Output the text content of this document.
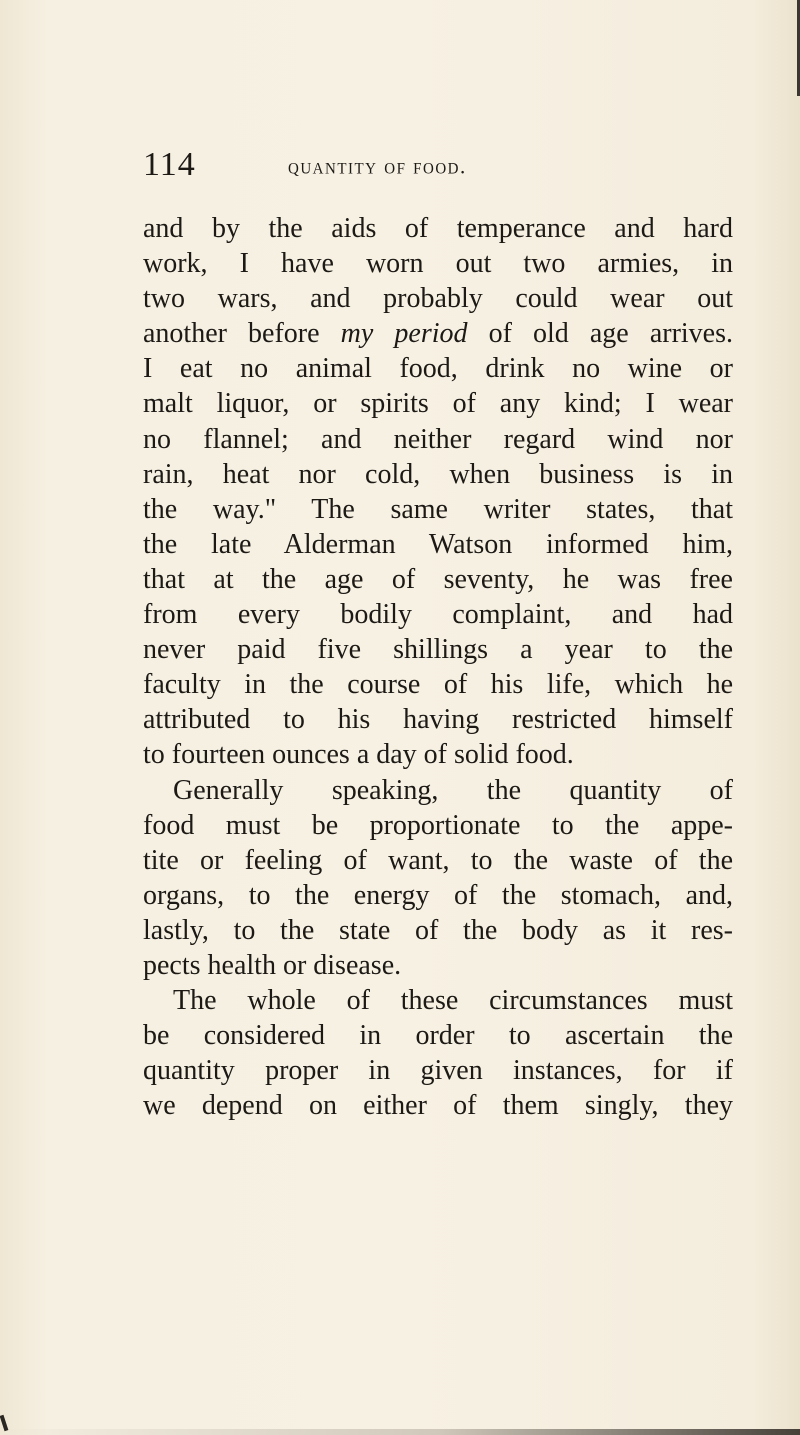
114	quantity of food.
and by the aids of temperance and hard
work, I have worn out two armies, in
two wars, and probably could wear out
another before my period of old age arrives.
I eat no animal food, drink no wine or
malt liquor, or spirits of any kind; I wear
no flannel; and neither regard wind nor
rain, heat nor cold, when business is in
the way." The same writer states, that
the late Alderman Watson informed him,
that at the age of seventy, he was free
from every bodily complaint, and had
never paid five shillings a year to the
faculty in the course of his life, which he
attributed to his having restricted himself
to fourteen ounces a day of solid food.
Generally speaking, the quantity of
food must be proportionate to the appe-
tite or feeling of want, to the waste of the
organs, to the energy of the stomach, and,
lastly, to the state of the body as it res-
pects health or disease.
The whole of these circumstances must
be considered in order to ascertain the
quantity proper in given instances, for if
we depend on either of them singly, they
